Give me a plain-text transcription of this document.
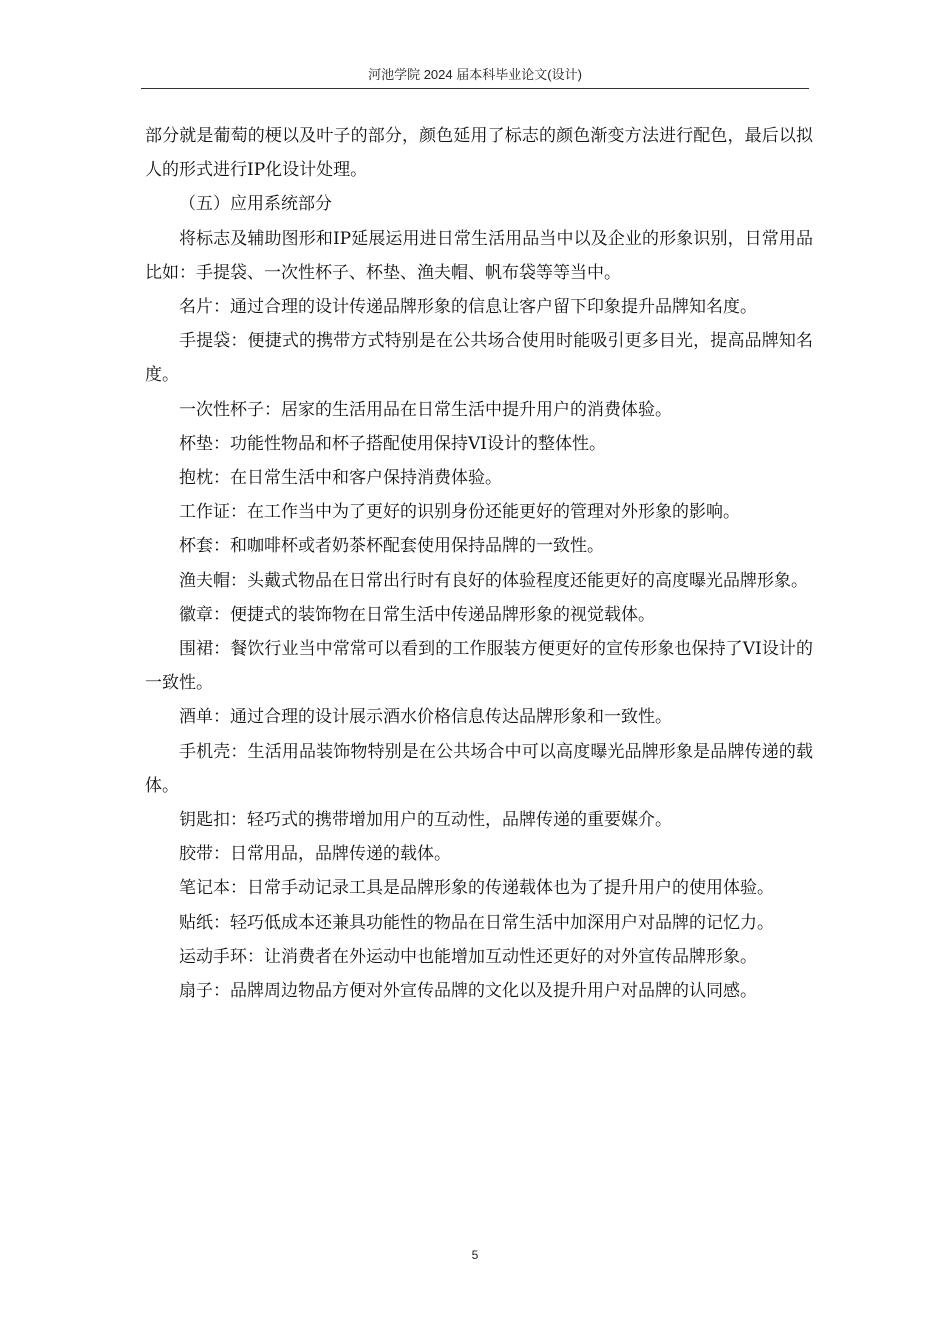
河池学院 2024 届本科毕业论文(设计)

部分就是葡萄的梗以及叶子的部分，颜色延用了标志的颜色渐变方法进行配色，最后以拟人的形式进行IP化设计处理。

（五）应用系统部分

将标志及辅助图形和IP延展运用进日常生活用品当中以及企业的形象识别，日常用品比如：手提袋、一次性杯子、杯垫、渔夫帽、帆布袋等等当中。

名片：通过合理的设计传递品牌形象的信息让客户留下印象提升品牌知名度。

手提袋：便捷式的携带方式特别是在公共场合使用时能吸引更多目光，提高品牌知名度。

一次性杯子：居家的生活用品在日常生活中提升用户的消费体验。

杯垫：功能性物品和杯子搭配使用保持VI设计的整体性。

抱枕：在日常生活中和客户保持消费体验。

工作证：在工作当中为了更好的识别身份还能更好的管理对外形象的影响。

杯套：和咖啡杯或者奶茶杯配套使用保持品牌的一致性。

渔夫帽：头戴式物品在日常出行时有良好的体验程度还能更好的高度曝光品牌形象。

徽章：便捷式的装饰物在日常生活中传递品牌形象的视觉载体。

围裙：餐饮行业当中常常可以看到的工作服装方便更好的宣传形象也保持了VI设计的一致性。

酒单：通过合理的设计展示酒水价格信息传达品牌形象和一致性。

手机壳：生活用品装饰物特别是在公共场合中可以高度曝光品牌形象是品牌传递的载体。

钥匙扣：轻巧式的携带增加用户的互动性，品牌传递的重要媒介。

胶带：日常用品，品牌传递的载体。

笔记本：日常手动记录工具是品牌形象的传递载体也为了提升用户的使用体验。

贴纸：轻巧低成本还兼具功能性的物品在日常生活中加深用户对品牌的记忆力。

运动手环：让消费者在外运动中也能增加互动性还更好的对外宣传品牌形象。

扇子：品牌周边物品方便对外宣传品牌的文化以及提升用户对品牌的认同感。

5
